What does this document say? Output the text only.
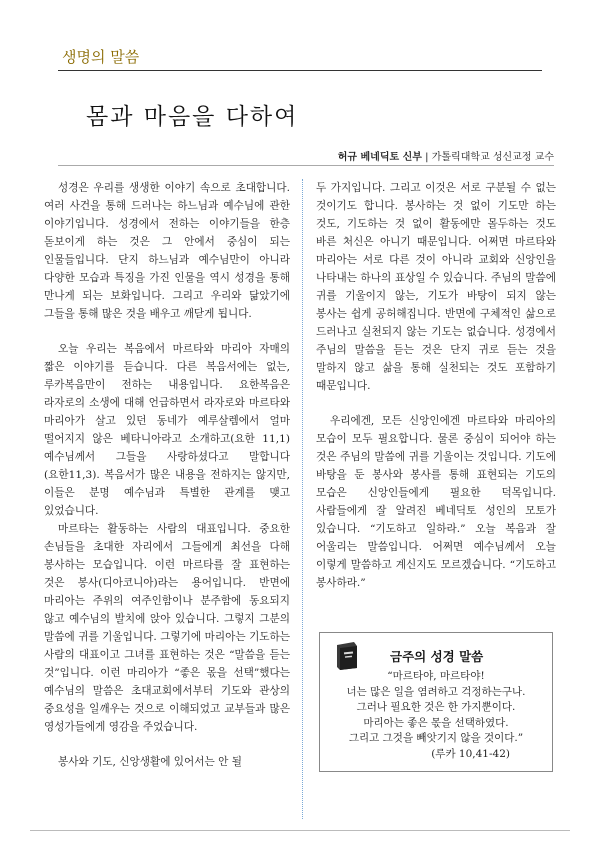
생명의 말씀
몸과 마음을 다하여
허규 베네딕토 신부 | 가톨릭대학교 성신교정 교수

성경은 우리를 생생한 이야기 속으로 초대합니다. 여러 사건을 통해 드러나는 하느님과 예수님에 관한 이야기입니다. 성경에서 전하는 이야기들을 한층 돋보이게 하는 것은 그 안에서 중심이 되는 인물들입니다. 단지 하느님과 예수님만이 아니라 다양한 모습과 특징을 가진 인물을 역시 성경을 통해 만나게 되는 보화입니다. 그리고 우리와 닮았기에 그들을 통해 많은 것을 배우고 깨닫게 됩니다.

오늘 우리는 복음에서 마르타와 마리아 자매의 짧은 이야기를 듣습니다. 다른 복음서에는 없는, 루카복음만이 전하는 내용입니다. 요한복음은 라자로의 소생에 대해 언급하면서 라자로와 마르타와 마리아가 살고 있던 동네가 예루살렘에서 얼마 떨어지지 않은 베타니아라고 소개하고(요한 11,1) 예수님께서 그들을 사랑하셨다고 말합니다(요한11,3). 복음서가 많은 내용을 전하지는 않지만, 이들은 분명 예수님과 특별한 관계를 맺고 있었습니다.

마르타는 활동하는 사람의 대표입니다. 중요한 손님들을 초대한 자리에서 그들에게 최선을 다해 봉사하는 모습입니다. 이런 마르타를 잘 표현하는 것은 봉사(디아코니아)라는 용어입니다. 반면에 마리아는 주위의 여주인함이나 분주함에 동요되지 않고 예수님의 발치에 앉아 있습니다. 그렇지 그분의 말씀에 귀를 기울입니다. 그렇기에 마리아는 기도하는 사람의 대표이고 그녀를 표현하는 것은 “말씀을 듣는 것”입니다. 이런 마리아가 “좋은 몫을 선택”했다는 예수님의 말씀은 초대교회에서부터 기도와 관상의 중요성을 일깨우는 것으로 이해되었고 교부들과 많은 영성가들에게 영감을 주었습니다.

봉사와 기도, 신앙생활에 있어서는 안 될

두 가지입니다. 그리고 이것은 서로 구분될 수 없는 것이기도 합니다. 봉사하는 것 없이 기도만 하는 것도, 기도하는 것 없이 활동에만 몰두하는 것도 바른 처신은 아니기 때문입니다. 어쩌면 마르타와 마리아는 서로 다른 것이 아니라 교회와 신앙인을 나타내는 하나의 표상일 수 있습니다. 주님의 말씀에 귀를 기울이지 않는, 기도가 바탕이 되지 않는 봉사는 쉽게 공허해집니다. 반면에 구체적인 삶으로 드러나고 실천되지 않는 기도는 없습니다. 성경에서 주님의 말씀을 듣는 것은 단지 귀로 듣는 것을 말하지 않고 삶을 통해 실천되는 것도 포함하기 때문입니다.

우리에겐, 모든 신앙인에겐 마르타와 마리아의 모습이 모두 필요합니다. 물론 중심이 되어야 하는 것은 주님의 말씀에 귀를 기울이는 것입니다. 기도에 바탕을 둔 봉사와 봉사를 통해 표현되는 기도의 모습은 신앙인들에게 필요한 덕목입니다. 사람들에게 잘 알려진 베네딕토 성인의 모토가 있습니다. “기도하고 일하라.” 오늘 복음과 잘 어울리는 말씀입니다. 어쩌면 예수님께서 오늘 이렇게 말씀하고 계신지도 모르겠습니다. “기도하고 봉사하라.”

금주의 성경 말씀
“마르타야, 마르타야!
너는 많은 일을 염려하고 걱정하는구나.
그러나 필요한 것은 한 가지뿐이다.
마리아는 좋은 몫을 선택하였다.
그리고 그것을 빼앗기지 않을 것이다.”
(루카 10,41-42)
